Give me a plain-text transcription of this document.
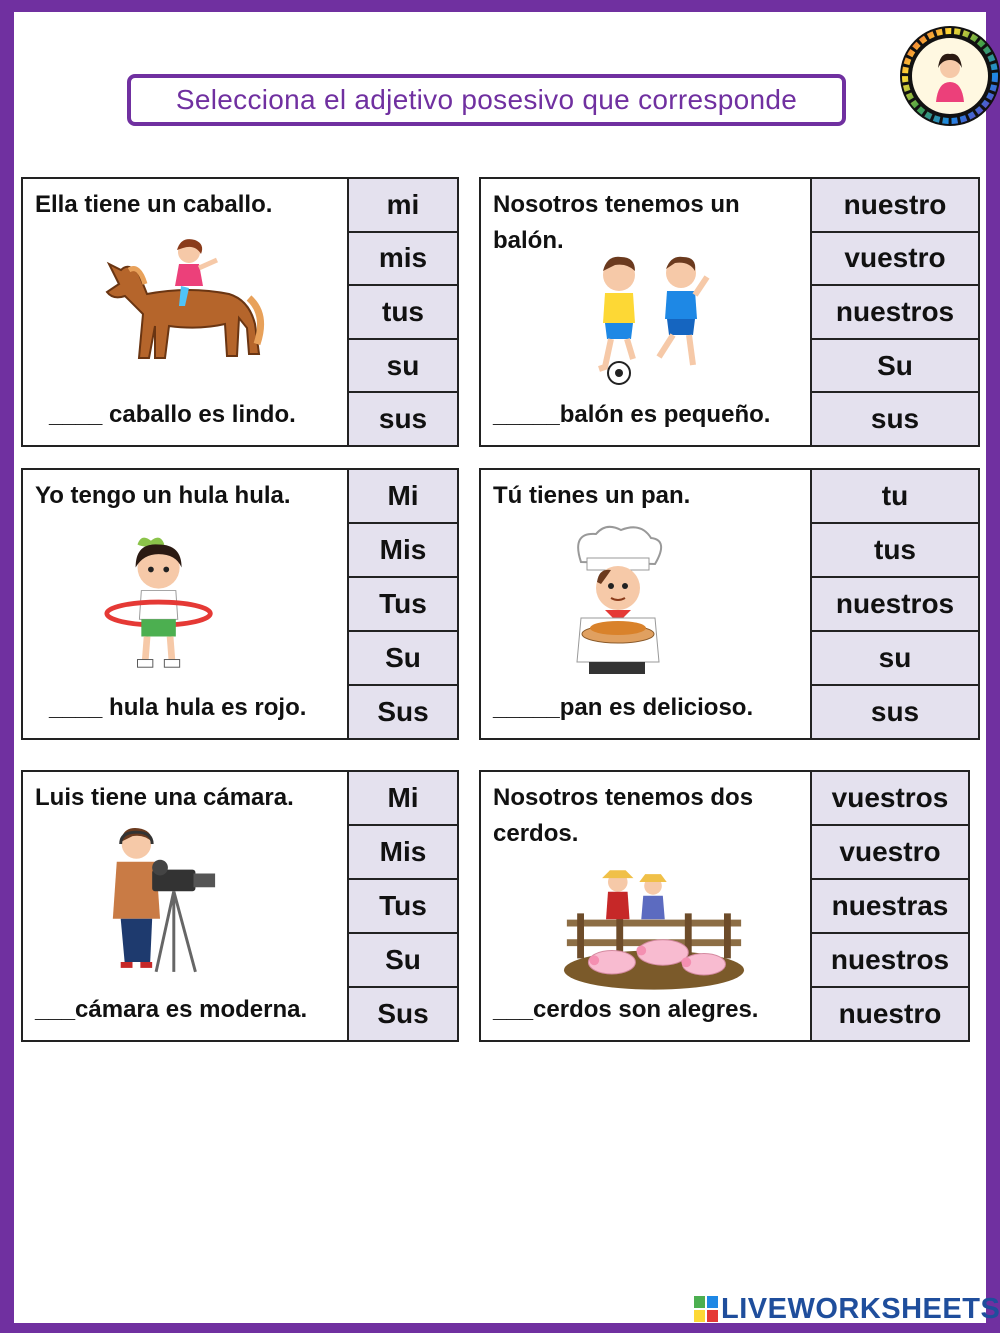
Selecciona el adjetivo posesivo que corresponde
Ella tiene un caballo.
____ caballo es lindo.
mi
mis
tus
su
sus
Nosotros tenemos un balón.
_____balón es pequeño.
nuestro
vuestro
nuestros
Su
sus
Yo tengo un hula hula.
____ hula hula es rojo.
Mi
Mis
Tus
Su
Sus
Tú tienes un pan.
_____pan es delicioso.
tu
tus
nuestros
su
sus
Luis tiene una cámara.
___cámara es moderna.
Mi
Mis
Tus
Su
Sus
Nosotros tenemos dos cerdos.
___cerdos son alegres.
vuestros
vuestro
nuestras
nuestros
nuestro
LIVEWORKSHEETS
